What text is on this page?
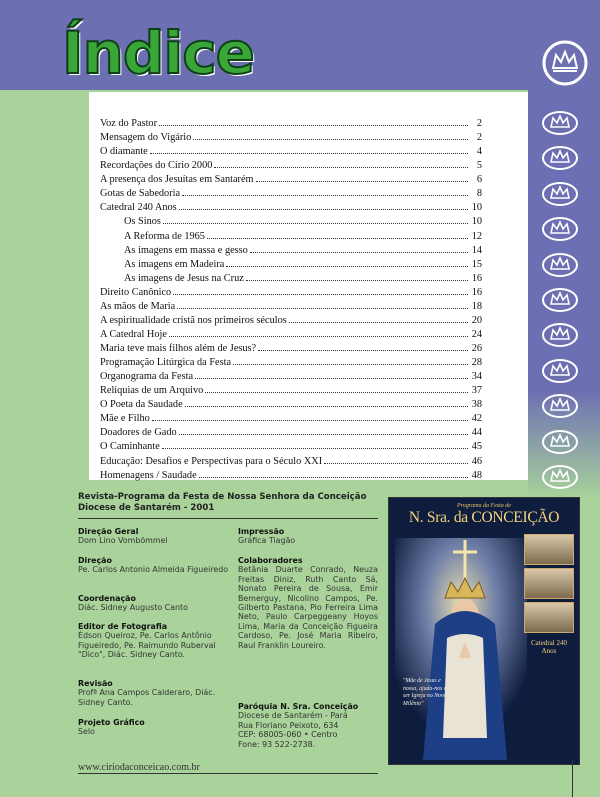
Índice
Voz do Pastor	2
Mensagem do Vigário	2
O diamante	4
Recordações do Círio 2000	5
A presença dos Jesuítas em Santarém	6
Gotas de Sabedoria	8
Catedral 240 Anos	10
Os Sinos	10
A Reforma de 1965	12
As imagens em massa e gesso	14
As imagens em Madeira	15
As imagens de Jesus na Cruz	16
Direito Canônico	16
As mãos de Maria	18
A espiritualidade cristã nos primeiros séculos	20
A Catedral Hoje	24
Maria teve mais filhos além de Jesus?	26
Programação Litúrgica da Festa	28
Organograma da Festa	34
Relíquias de um Arquivo	37
O Poeta da Saudade	38
Mãe e Filho	42
Doadores de Gado	44
O Caminhante	45
Educação: Desafios e Perspectivas para o Século XXI	46
Homenagens / Saudade	48

Revista-Programa da Festa de Nossa Senhora da Conceição
Diocese de Santarém - 2001

Direção Geral
Dom Lino Vombömmel
Direção
Pe. Carlos Antonio Almeida Figueiredo
Coordenação
Diác. Sidney Augusto Canto
Editor de Fotografia
Édson Queiroz, Pe. Carlos Antônio Figueiredo, Pe. Raimundo Ruberval "Dico", Diác. Sidney Canto.
Revisão
Profª Ana Campos Calderaro, Diác. Sidney Canto.
Projeto Gráfico
Selo
Impressão
Gráfica Tiagão
Colaboradores
Betânia Duarte Conrado, Neuza Freitas Diniz, Ruth Canto Sá, Nonato Pereira de Sousa, Emir Bemerguy, Nicolino Campos, Pe. Gilberto Pastana, Pio Ferreira Lima Neto, Paulo Carpeggeany Hoyos Lima, Maria da Conceição Figueira Cardoso, Pe. José Maria Ribeiro, Raul Franklin Loureiro.
Paróquia N. Sra. Conceição
Diocese de Santarém - Pará
Rua Floriano Peixoto, 634
CEP: 68005-060 • Centro
Fone: 93 522-2738.
www.ciriodaconceicao.com.br
Programa da Festa de
N. Sra. da CONCEIÇÃO
Catedral 240 Anos
"Mãe de Jesus e nossa, ajuda-nos a ser Igreja no Novo Milênio"
